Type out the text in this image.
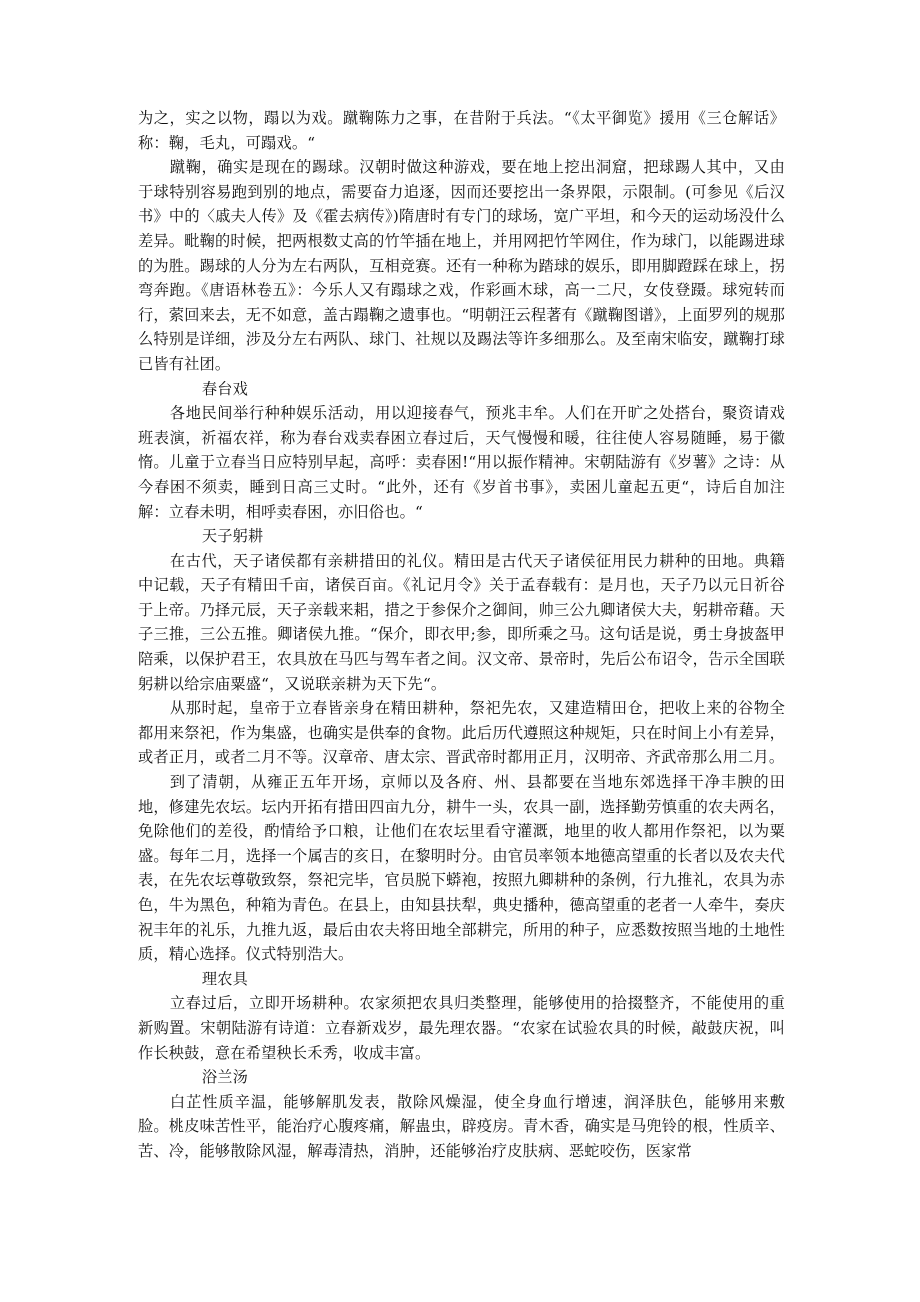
为之，实之以物，蹋以为戏。蹴鞠陈力之事，在昔附于兵法。“《太平御览》援用《三仓解话》称：鞠，毛丸，可蹋戏。“

蹴鞠，确实是现在的踢球。汉朝时做这种游戏，要在地上挖出洞窟，把球踢人其中，又由于球特别容易跑到别的地点，需要奋力追逐，因而还要挖出一条界限，示限制。(可参见《后汉书》中的〈戚夫人传》及《霍去病传》)隋唐时有专门的球场，宽广平坦，和今天的运动场没什么差异。毗鞠的时候，把两根数丈高的竹竿插在地上，并用网把竹竿网住，作为球门，以能踢进球的为胜。踢球的人分为左右两队，互相竞赛。还有一种称为踏球的娱乐，即用脚蹬踩在球上，拐弯奔跑。《唐语林卷五》：今乐人又有蹋球之戏，作彩画木球，高一二尺，女伎登蹑。球宛转而行，萦回来去，无不如意，盖古蹋鞠之遗事也。“明朝汪云程著有《蹴鞠图谱》，上面罗列的规那么特别是详细，涉及分左右两队、球门、社规以及踢法等许多细那么。及至南宋临安，蹴鞠打球已皆有社团。

春台戏

各地民间举行种种娱乐活动，用以迎接春气，预兆丰牟。人们在开旷之处搭台，聚资请戏班表演，祈福农祥，称为春台戏卖春困立春过后，天气慢慢和暖，往往使人容易随睡，易于徽惰。儿童于立春当日应特别早起，高呼：卖春困!“用以振作精神。宋朝陆游有《岁薯》之诗：从今春困不须卖，睡到日高三丈时。“此外，还有《岁首书事》，卖困儿童起五更“，诗后自加注解：立春未明，相呼卖春困，亦旧俗也。“

天子躬耕

在古代，天子诸侯都有亲耕措田的礼仪。精田是古代天子诸侯征用民力耕种的田地。典籍中记载，天子有精田千亩，诸侯百亩。《礼记月令》关于孟春载有：是月也，天子乃以元日祈谷于上帝。乃择元辰，天子亲载来耜，措之于参保介之御间，帅三公九卿诸侯大夫，躬耕帝藉。天子三推，三公五推。卿诸侯九推。“保介，即衣甲;参，即所乘之马。这句话是说，勇士身披盔甲陪乘，以保护君王，农具放在马匹与驾车者之间。汉文帝、景帝时，先后公布诏令，告示全国联躬耕以给宗庙粟盛“，又说联亲耕为天下先“。

从那时起，皇帝于立春皆亲身在精田耕种，祭祀先农，又建造精田仓，把收上来的谷物全都用来祭祀，作为集盛，也确实是供奉的食物。此后历代遵照这种规矩，只在时间上小有差异，或者正月，或者二月不等。汉章帝、唐太宗、晋武帝时都用正月，汉明帝、齐武帝那么用二月。

到了清朝，从雍正五年开场，京师以及各府、州、县都要在当地东郊选择干净丰腴的田地，修建先农坛。坛内开拓有措田四亩九分，耕牛一头，农具一副，选择勤劳慎重的农夫两名，免除他们的差役，酌情给予口粮，让他们在农坛里看守灌溉，地里的收人都用作祭祀，以为粟盛。每年二月，选择一个属吉的亥日，在黎明时分。由官员率领本地德高望重的长者以及农夫代表，在先农坛尊敬致祭，祭祀完毕，官员脱下蟒袍，按照九卿耕种的条例，行九推礼，农具为赤色，牛为黑色，种箱为青色。在县上，由知县扶犁，典史播种，德高望重的老者一人牵牛，奏庆祝丰年的礼乐，九推九返，最后由农夫将田地全部耕完，所用的种子，应悉数按照当地的土地性质，精心选择。仪式特别浩大。

理农具

立春过后，立即开场耕种。农家须把农具归类整理，能够使用的拾掇整齐，不能使用的重新购置。宋朝陆游有诗道：立春新戏岁，最先理农器。“农家在试验农具的时候，敲鼓庆祝，叫作长秧鼓，意在希望秧长禾秀，收成丰富。

浴兰汤

白芷性质辛温，能够解肌发表，散除风燥湿，使全身血行增速，润泽肤色，能够用来敷脸。桃皮味苦性平，能治疗心腹疼痛，解蛊虫，辟疫房。青木香，确实是马兜铃的根，性质辛、苦、冷，能够散除风湿，解毒清热，消肿，还能够治疗皮肤病、恶蛇咬伤，医家常
